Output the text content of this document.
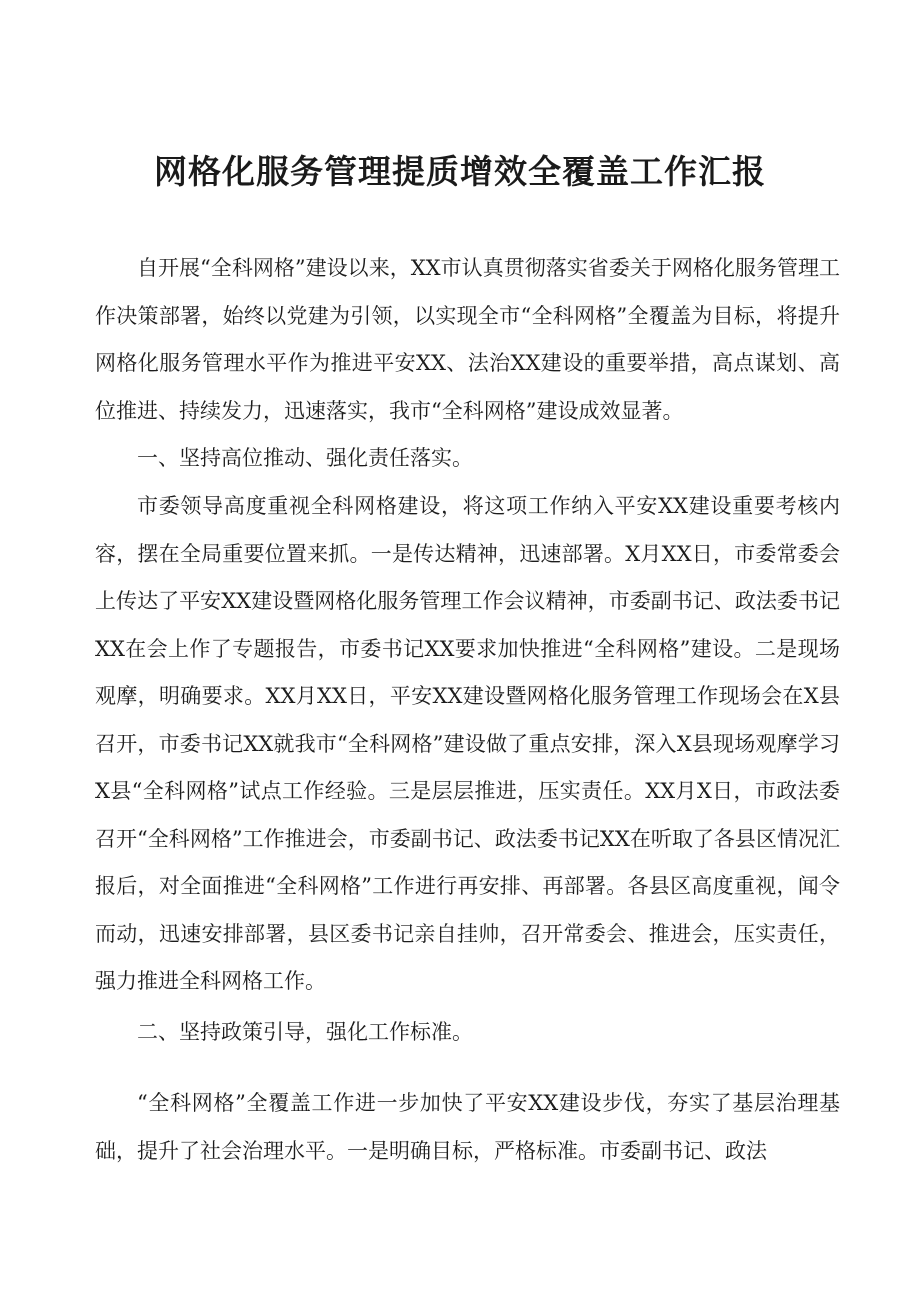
网格化服务管理提质增效全覆盖工作汇报

自开展“全科网格”建设以来，XX市认真贯彻落实省委关于网格化服务管理工作决策部署，始终以党建为引领，以实现全市“全科网格”全覆盖为目标，将提升网格化服务管理水平作为推进平安XX、法治XX建设的重要举措，高点谋划、高位推进、持续发力，迅速落实，我市“全科网格”建设成效显著。

一、坚持高位推动、强化责任落实。

市委领导高度重视全科网格建设，将这项工作纳入平安XX建设重要考核内容，摆在全局重要位置来抓。一是传达精神，迅速部署。X月XX日，市委常委会上传达了平安XX建设暨网格化服务管理工作会议精神，市委副书记、政法委书记XX在会上作了专题报告，市委书记XX要求加快推进“全科网格”建设。二是现场观摩，明确要求。XX月XX日，平安XX建设暨网格化服务管理工作现场会在X县召开，市委书记XX就我市“全科网格”建设做了重点安排，深入X县现场观摩学习X县“全科网格”试点工作经验。三是层层推进，压实责任。XX月X日，市政法委召开“全科网格”工作推进会，市委副书记、政法委书记XX在听取了各县区情况汇报后，对全面推进“全科网格”工作进行再安排、再部署。各县区高度重视，闻令而动，迅速安排部署，县区委书记亲自挂帅，召开常委会、推进会，压实责任，强力推进全科网格工作。

二、坚持政策引导，强化工作标准。

“全科网格”全覆盖工作进一步加快了平安XX建设步伐，夯实了基层治理基础，提升了社会治理水平。一是明确目标，严格标准。市委副书记、政法
